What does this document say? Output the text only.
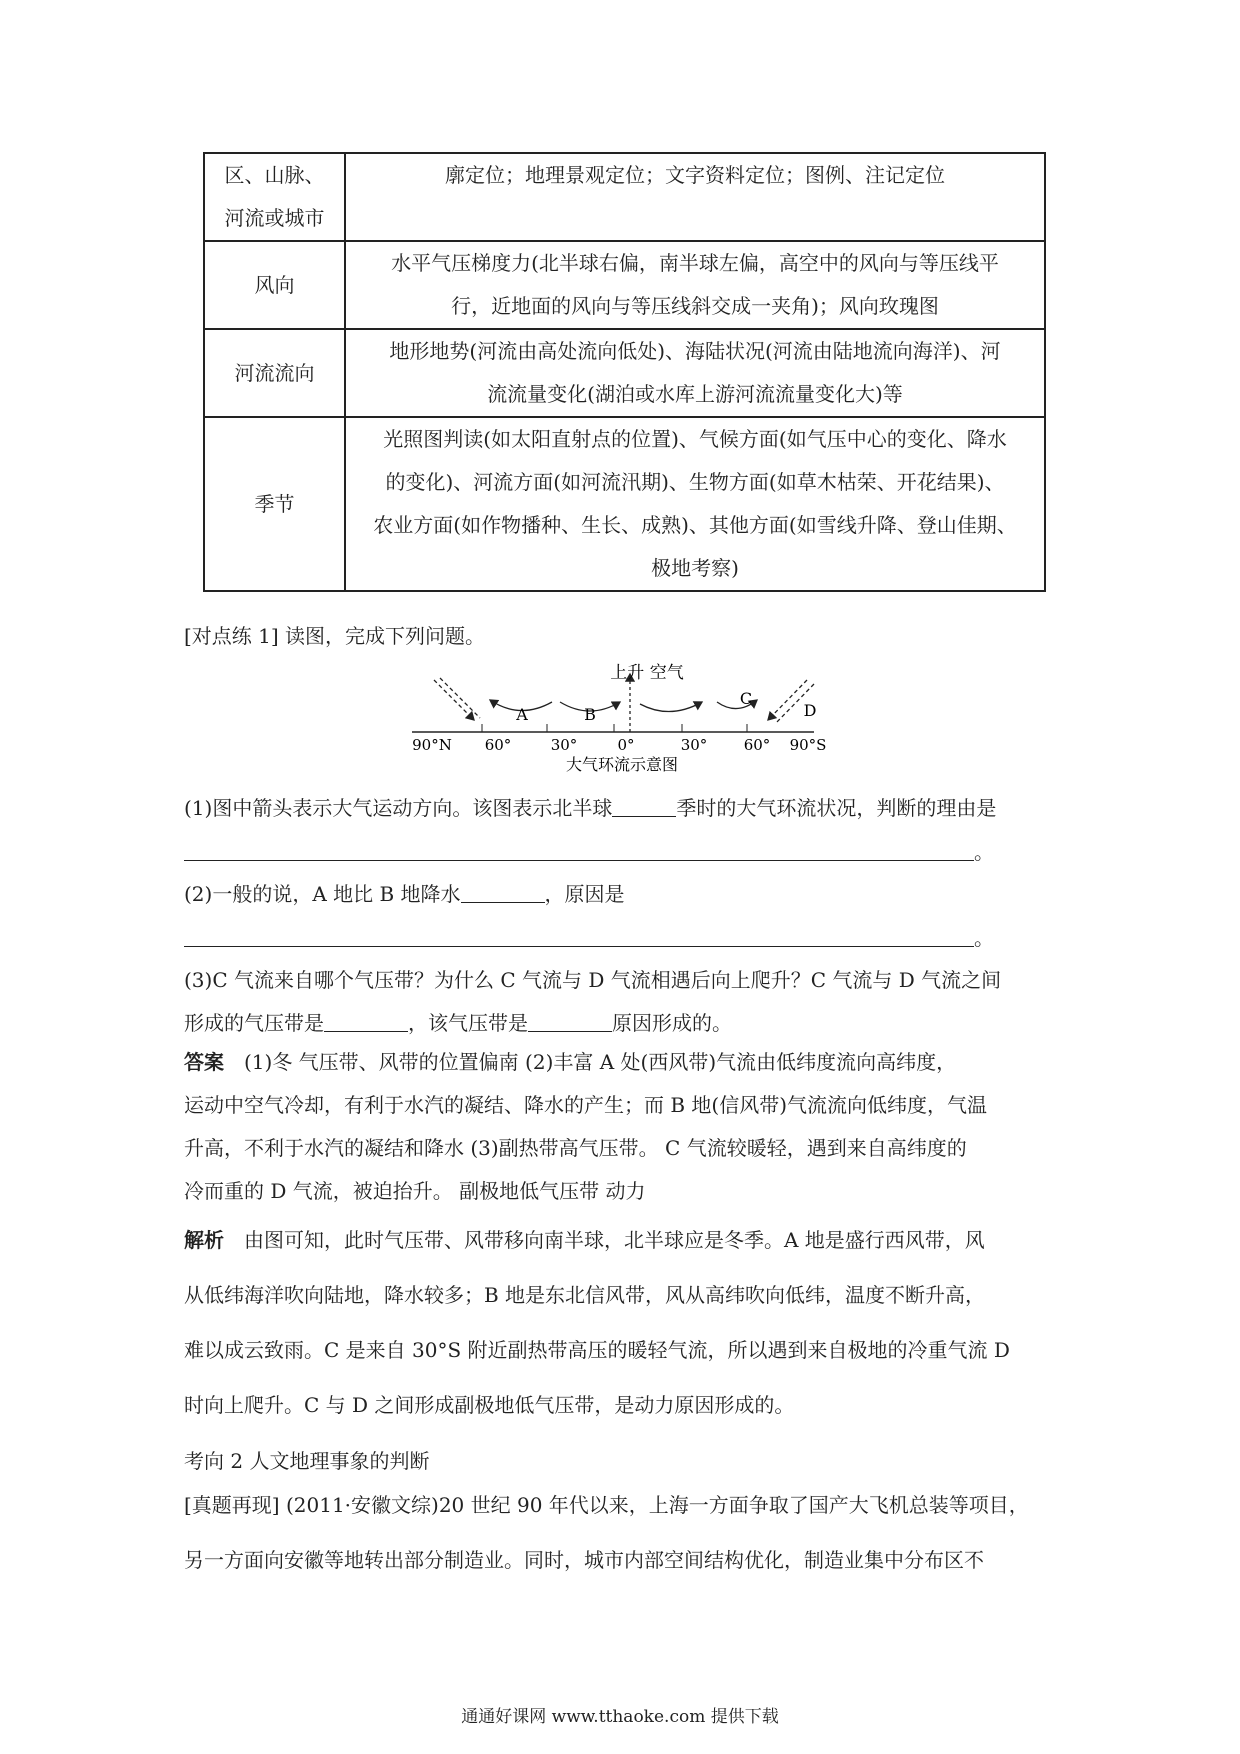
区、山脉、
河流或城市	廓定位；地理景观定位；文字资料定位；图例、注记定位

风向	水平气压梯度力(北半球右偏，南半球左偏，高空中的风向与等压线平
行，近地面的风向与等压线斜交成一夹角)；风向玫瑰图

河流流向	地形地势(河流由高处流向低处)、海陆状况(河流由陆地流向海洋)、河
流流量变化(湖泊或水库上游河流流量变化大)等

季节	光照图判读(如太阳直射点的位置)、气候方面(如气压中心的变化、降水
的变化)、河流方面(如河流汛期)、生物方面(如草木枯荣、开花结果)、
农业方面(如作物播种、生长、成熟)、其他方面(如雪线升降、登山佳期、
极地考察)
[对点练 1] 读图，完成下列问题。
上升 空气
A	B
C
D
90°N 60°	30°	0°	30° 60° 90°S
大气环流示意图
(1)图中箭头表示大气运动方向。该图表示北半球	季时的大气环流状况，判断的理由是
。
(2)一般的说，A 地比 B 地降水	，原因是
。
(3)C 气流来自哪个气压带？为什么 C 气流与 D 气流相遇后向上爬升？C 气流与 D 气流之间
形成的气压带是	，该气压带是	原因形成的。
答案 (1)冬 气压带、风带的位置偏南 (2)丰富 A 处(西风带)气流由低纬度流向高纬度，
运动中空气冷却，有利于水汽的凝结、降水的产生；而 B 地(信风带)气流流向低纬度，气温
升高，不利于水汽的凝结和降水 (3)副热带高气压带。 C 气流较暖轻，遇到来自高纬度的
冷而重的 D 气流，被迫抬升。 副极地低气压带 动力
解析 由图可知，此时气压带、风带移向南半球，北半球应是冬季。A 地是盛行西风带，风
从低纬海洋吹向陆地，降水较多；B 地是东北信风带，风从高纬吹向低纬，温度不断升高，
难以成云致雨。C 是来自 30°S 附近副热带高压的暖轻气流，所以遇到来自极地的冷重气流 D
时向上爬升。C 与 D 之间形成副极地低气压带，是动力原因形成的。
考向 2 人文地理事象的判断
[真题再现] (2011·安徽文综)20 世纪 90 年代以来，上海一方面争取了国产大飞机总装等项目，
另一方面向安徽等地转出部分制造业。同时，城市内部空间结构优化，制造业集中分布区不
通通好课网 www.tthaoke.com 提供下载
